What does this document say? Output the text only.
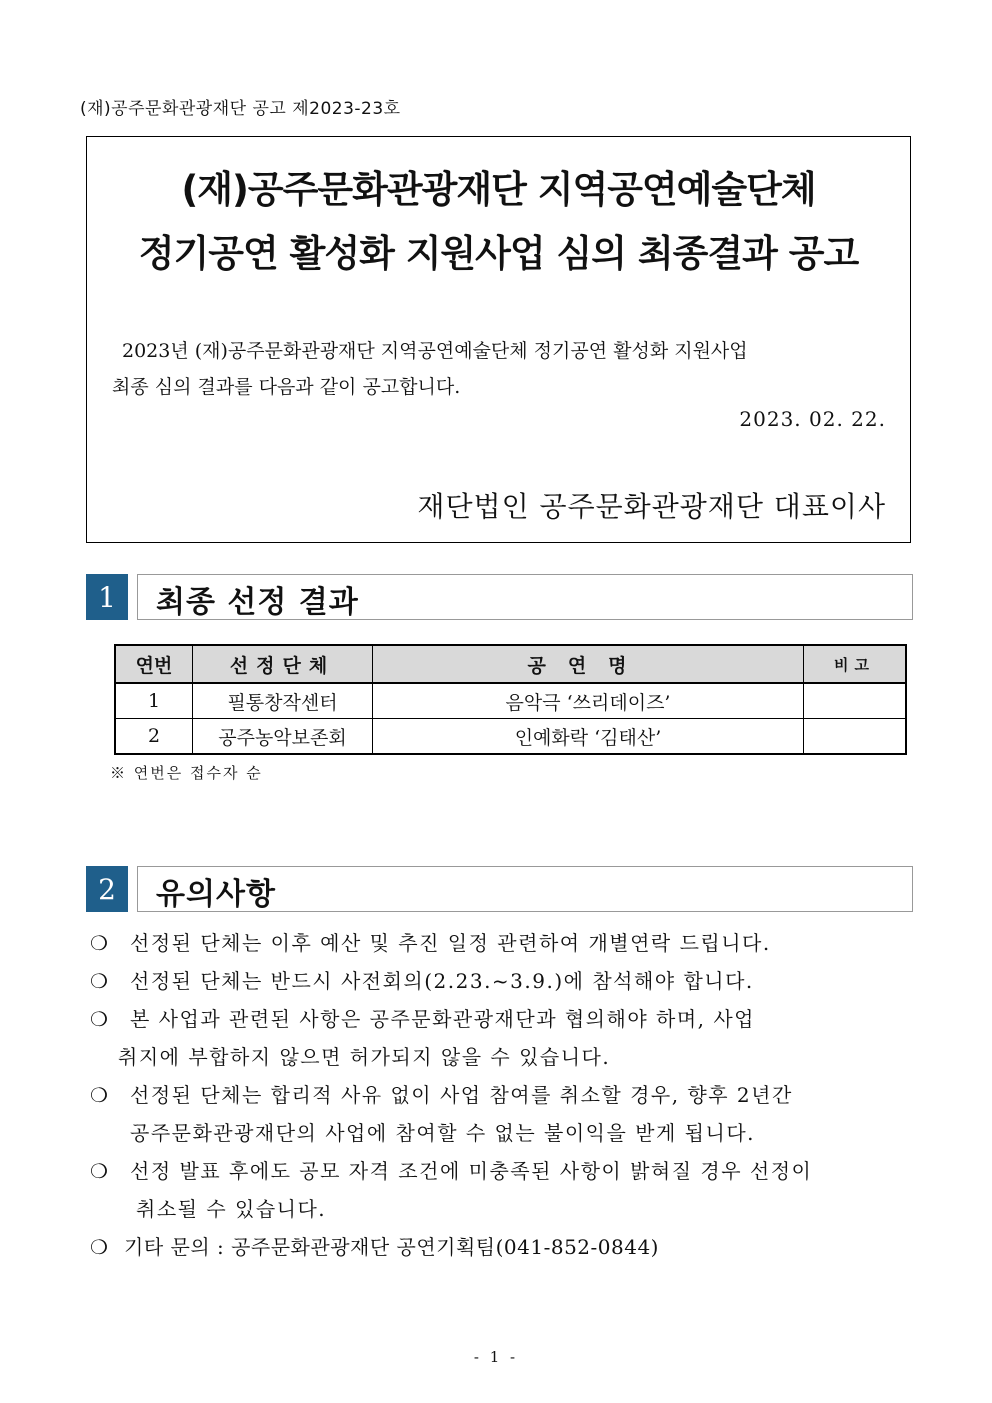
(재)공주문화관광재단 공고 제2023-23호
(재)공주문화관광재단 지역공연예술단체
정기공연 활성화 지원사업 심의 최종결과 공고
2023년 (재)공주문화관광재단 지역공연예술단체 정기공연 활성화 지원사업
최종 심의 결과를 다음과 같이 공고합니다.
2023. 02. 22.
재단법인 공주문화관광재단 대표이사
1	최종 선정 결과
연번	선정단체	공연명	비고
1	필통창작센터	음악극 ‘쓰리데이즈’	
2	공주농악보존회	인예화락 ‘김태산’	
※ 연번은 접수자 순
2	유의사항
❍ 선정된 단체는 이후 예산 및 추진 일정 관련하여 개별연락 드립니다.
❍ 선정된 단체는 반드시 사전회의(2.23.~3.9.)에 참석해야 합니다.
❍ 본 사업과 관련된 사항은 공주문화관광재단과 협의해야 하며, 사업
취지에 부합하지 않으면 허가되지 않을 수 있습니다.
❍ 선정된 단체는 합리적 사유 없이 사업 참여를 취소할 경우, 향후 2년간
공주문화관광재단의 사업에 참여할 수 없는 불이익을 받게 됩니다.
❍ 선정 발표 후에도 공모 자격 조건에 미충족된 사항이 밝혀질 경우 선정이
취소될 수 있습니다.
❍ 기타 문의 : 공주문화관광재단 공연기획팀(041-852-0844)
- 1 -
